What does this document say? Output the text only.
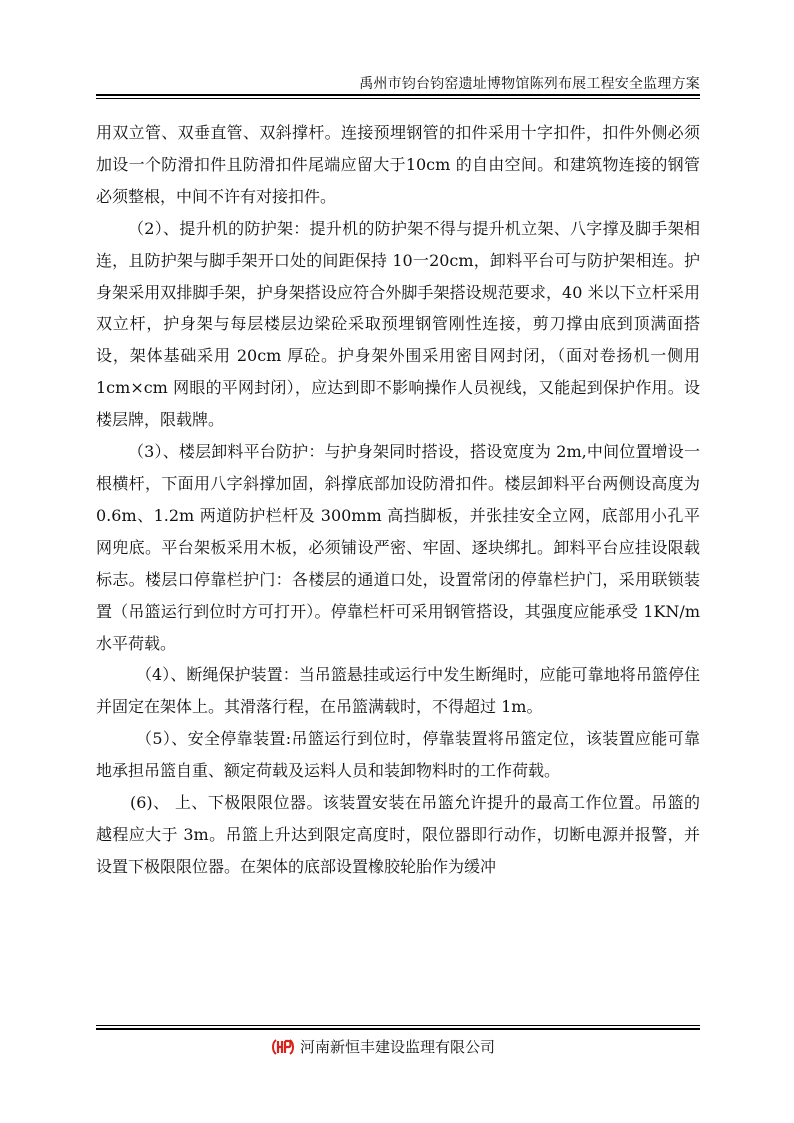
禹州市钧台钧窑遗址博物馆陈列布展工程安全监理方案

用双立管、双垂直管、双斜撑杆。连接预埋钢管的扣件采用十字扣件，扣件外侧必须加设一个防滑扣件且防滑扣件尾端应留大于10cm 的自由空间。和建筑物连接的钢管必须整根，中间不许有对接扣件。

（2）、提升机的防护架：提升机的防护架不得与提升机立架、八字撑及脚手架相连，且防护架与脚手架开口处的间距保持 10一20cm，卸料平台可与防护架相连。护身架采用双排脚手架，护身架搭设应符合外脚手架搭设规范要求，40 米以下立杆采用双立杆，护身架与每层楼层边梁砼采取预埋钢管刚性连接，剪刀撑由底到顶满面搭设，架体基础采用 20cm 厚砼。护身架外围采用密目网封闭，（面对卷扬机一侧用 1cm×cm 网眼的平网封闭），应达到即不影响操作人员视线，又能起到保护作用。设楼层牌，限载牌。

（3）、楼层卸料平台防护：与护身架同时搭设，搭设宽度为 2m,中间位置增设一根横杆，下面用八字斜撑加固，斜撑底部加设防滑扣件。楼层卸料平台两侧设高度为 0.6m、1.2m 两道防护栏杆及 300mm 高挡脚板，并张挂安全立网，底部用小孔平网兜底。平台架板采用木板，必须铺设严密、牢固、逐块绑扎。卸料平台应挂设限载标志。楼层口停靠栏护门：各楼层的通道口处，设置常闭的停靠栏护门，采用联锁装置（吊篮运行到位时方可打开）。停靠栏杆可采用钢管搭设，其强度应能承受 1KN/m 水平荷载。

（4）、断绳保护装置：当吊篮悬挂或运行中发生断绳时，应能可靠地将吊篮停住并固定在架体上。其滑落行程，在吊篮满载时，不得超过 1m。

（5）、安全停靠装置:吊篮运行到位时，停靠装置将吊篮定位，该装置应能可靠地承担吊篮自重、额定荷载及运料人员和装卸物料时的工作荷载。

(6)、 上、下极限限位器。该装置安装在吊篮允许提升的最高工作位置。吊篮的越程应大于 3m。吊篮上升达到限定高度时，限位器即行动作，切断电源并报警，并设置下极限限位器。在架体的底部设置橡胶轮胎作为缓冲

河南新恒丰建设监理有限公司
